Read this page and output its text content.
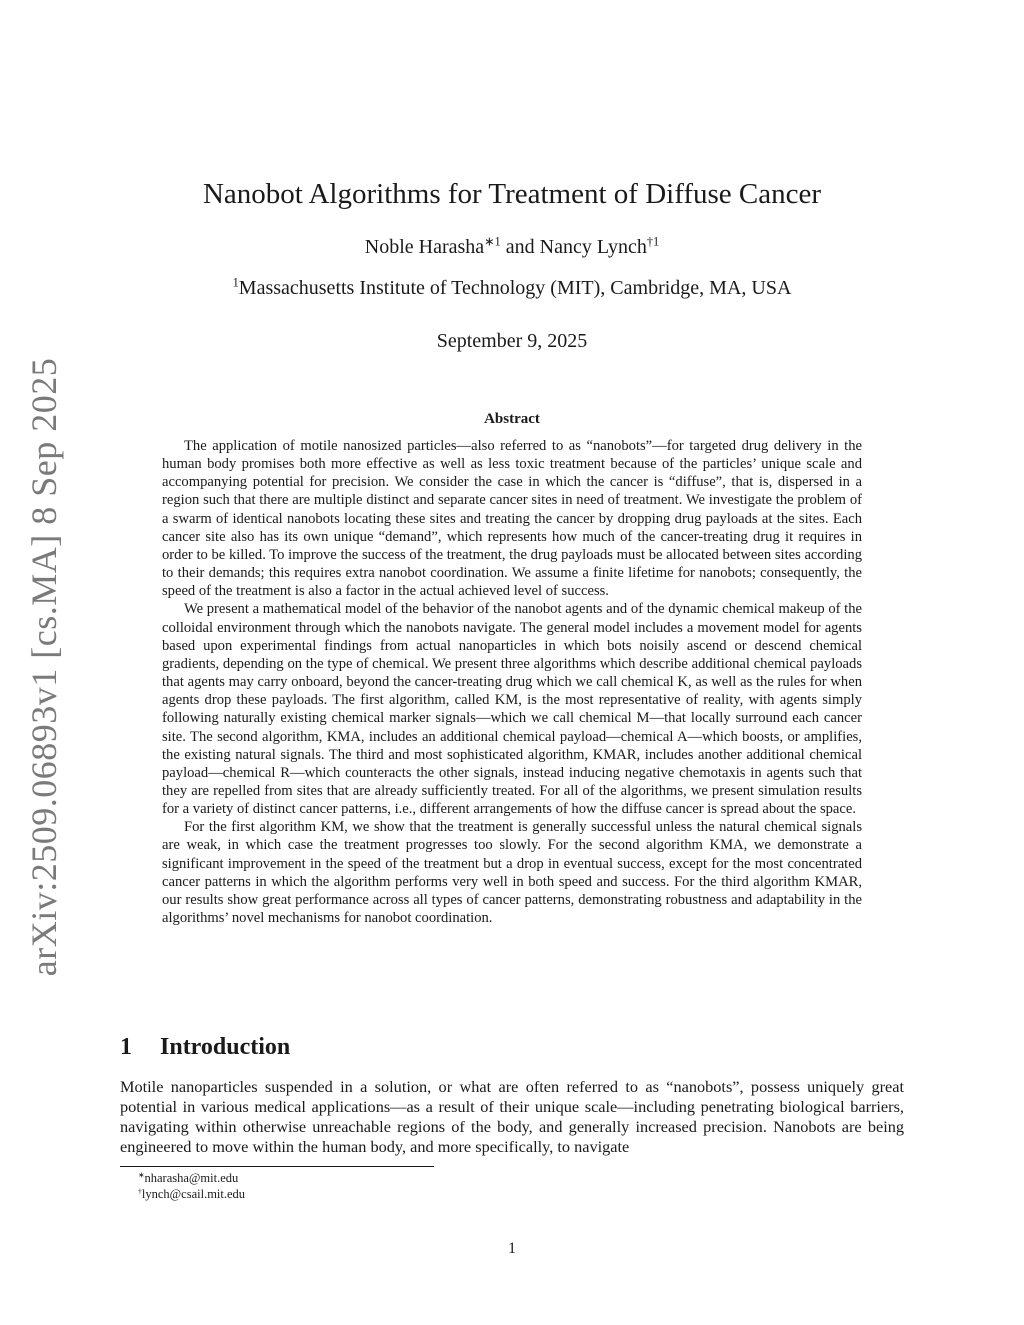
arXiv:2509.06893v1 [cs.MA] 8 Sep 2025
Nanobot Algorithms for Treatment of Diffuse Cancer
Noble Harasha$^{∗1}$ and Nancy Lynch$^{\dagger 1}$
$^1$Massachusetts Institute of Technology (MIT), Cambridge, MA, USA
September 9, 2025
Abstract

The application of motile nanosized particles—also referred to as “nanobots”—for targeted drug delivery in the human body promises both more effective as well as less toxic treatment because of the particles’ unique scale and accompanying potential for precision. We consider the case in which the cancer is “diffuse”, that is, dispersed in a region such that there are multiple distinct and separate cancer sites in need of treatment. We investigate the problem of a swarm of identical nanobots locating these sites and treating the cancer by dropping drug payloads at the sites. Each cancer site also has its own unique “demand”, which represents how much of the cancer-treating drug it requires in order to be killed. To improve the success of the treatment, the drug payloads must be allocated between sites according to their demands; this requires extra nanobot coordination. We assume a finite lifetime for nanobots; consequently, the speed of the treatment is also a factor in the actual achieved level of success.

We present a mathematical model of the behavior of the nanobot agents and of the dynamic chemical makeup of the colloidal environment through which the nanobots navigate. The general model includes a movement model for agents based upon experimental findings from actual nanoparticles in which bots noisily ascend or descend chemical gradients, depending on the type of chemical. We present three algorithms which describe additional chemical payloads that agents may carry onboard, beyond the cancer-treating drug which we call chemical K, as well as the rules for when agents drop these payloads. The first algorithm, called KM, is the most representative of reality, with agents simply following naturally existing chemical marker signals—which we call chemical M—that locally surround each cancer site. The second algorithm, KMA, includes an additional chemical payload—chemical A—which boosts, or amplifies, the existing natural signals. The third and most sophisticated algorithm, KMAR, includes another additional chemical payload—chemical R—which counteracts the other signals, instead inducing negative chemotaxis in agents such that they are repelled from sites that are already sufficiently treated. For all of the algorithms, we present simulation results for a variety of distinct cancer patterns, i.e., different arrangements of how the diffuse cancer is spread about the space.

For the first algorithm KM, we show that the treatment is generally successful unless the natural chemical signals are weak, in which case the treatment progresses too slowly. For the second algorithm KMA, we demonstrate a significant improvement in the speed of the treatment but a drop in eventual success, except for the most concentrated cancer patterns in which the algorithm performs very well in both speed and success. For the third algorithm KMAR, our results show great performance across all types of cancer patterns, demonstrating robustness and adaptability in the algorithms’ novel mechanisms for nanobot coordination.

1 Introduction

Motile nanoparticles suspended in a solution, or what are often referred to as “nanobots”, possess uniquely great potential in various medical applications—as a result of their unique scale—including penetrating biological barriers, navigating within otherwise unreachable regions of the body, and generally increased precision. Nanobots are being engineered to move within the human body, and more specifically, to navigate

∗nharasha@mit.edu
†lynch@csail.mit.edu
1
